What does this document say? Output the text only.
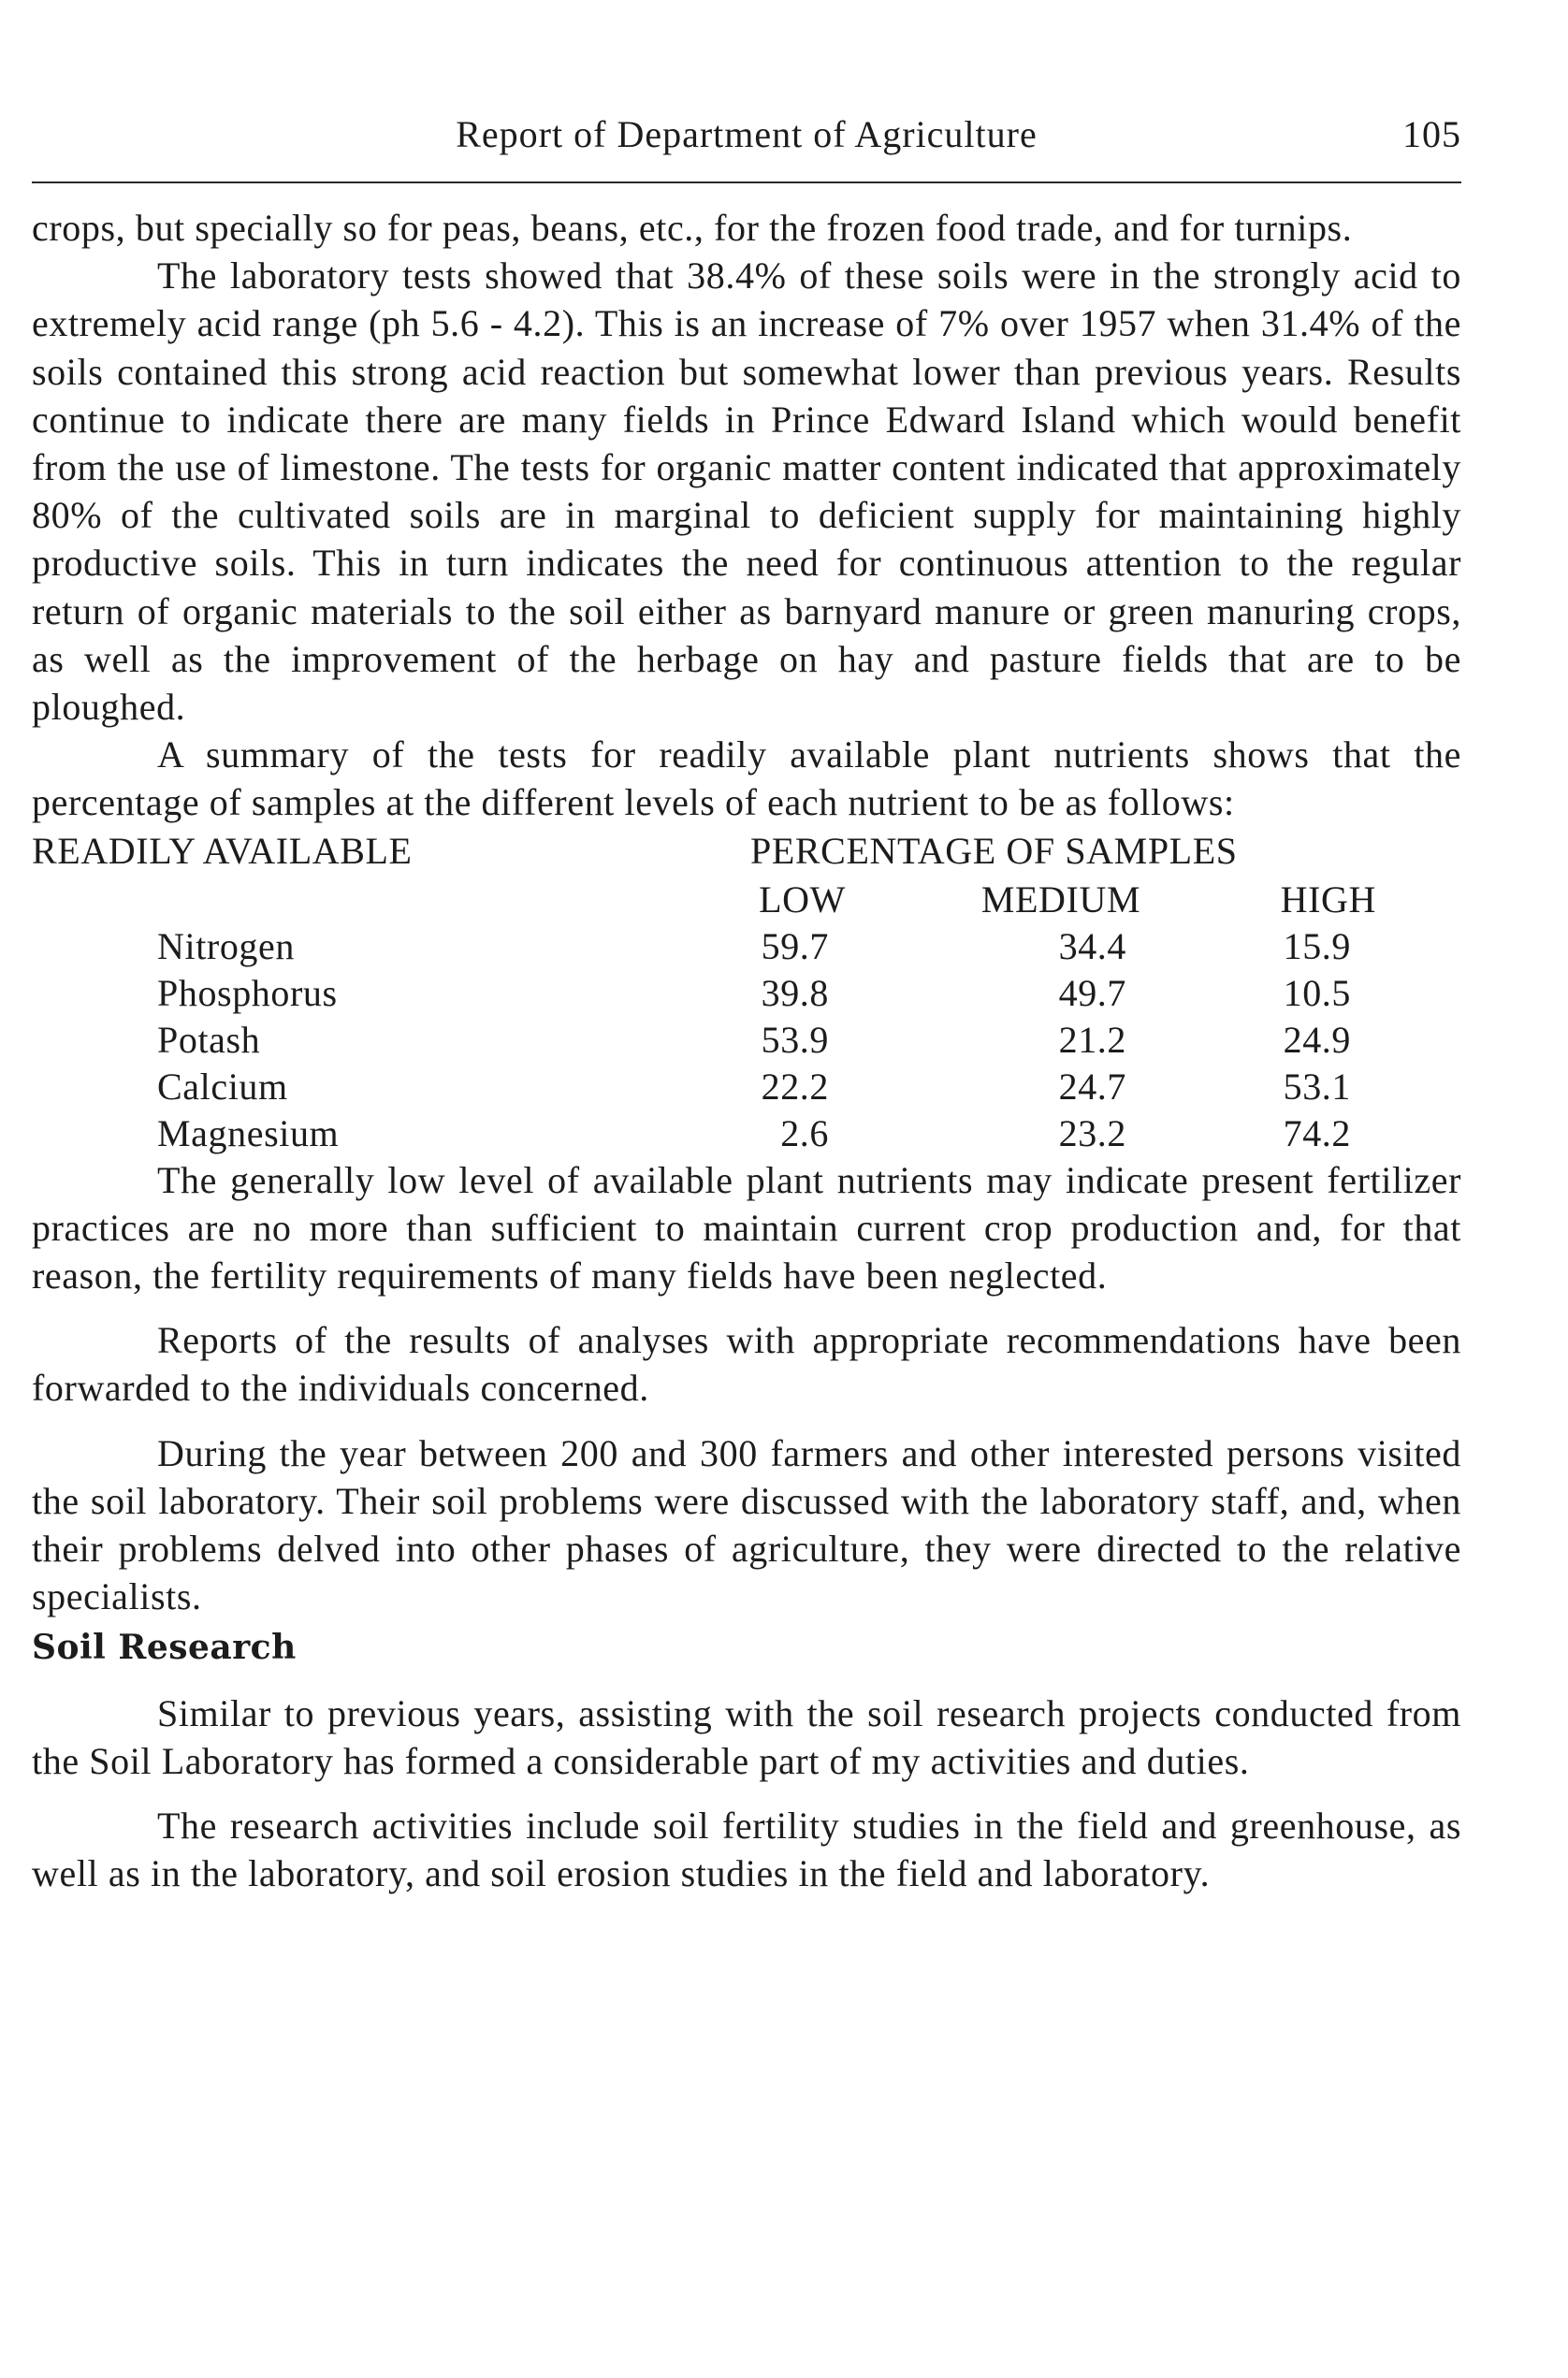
Report of Department of Agriculture	105

crops, but specially so for peas, beans, etc., for the frozen food trade, and for turnips.

The laboratory tests showed that 38.4% of these soils were in the strongly acid to extremely acid range (ph 5.6 - 4.2). This is an increase of 7% over 1957 when 31.4% of the soils contained this strong acid reaction but somewhat lower than previous years. Results continue to indicate there are many fields in Prince Edward Island which would benefit from the use of limestone. The tests for organic matter content indicated that approximately 80% of the cultivated soils are in marginal to deficient supply for maintaining highly productive soils. This in turn indicates the need for continuous attention to the regular return of organic materials to the soil either as barnyard manure or green manuring crops, as well as the improvement of the herbage on hay and pasture fields that are to be ploughed.

A summary of the tests for readily available plant nutrients shows that the percentage of samples at the different levels of each nutrient to be as follows:

READILY AVAILABLE	PERCENTAGE OF SAMPLES
LOW	MEDIUM	HIGH
Nitrogen	59.7	34.4	15.9
Phosphorus	39.8	49.7	10.5
Potash	53.9	21.2	24.9
Calcium	22.2	24.7	53.1
Magnesium	2.6	23.2	74.2

The generally low level of available plant nutrients may indicate present fertilizer practices are no more than sufficient to maintain current crop production and, for that reason, the fertility requirements of many fields have been neglected.

Reports of the results of analyses with appropriate recommendations have been forwarded to the individuals concerned.

During the year between 200 and 300 farmers and other interested persons visited the soil laboratory. Their soil problems were discussed with the laboratory staff, and, when their problems delved into other phases of agriculture, they were directed to the relative specialists.

Soil Research

Similar to previous years, assisting with the soil research projects conducted from the Soil Laboratory has formed a considerable part of my activities and duties.

The research activities include soil fertility studies in the field and greenhouse, as well as in the laboratory, and soil erosion studies in the field and laboratory.
